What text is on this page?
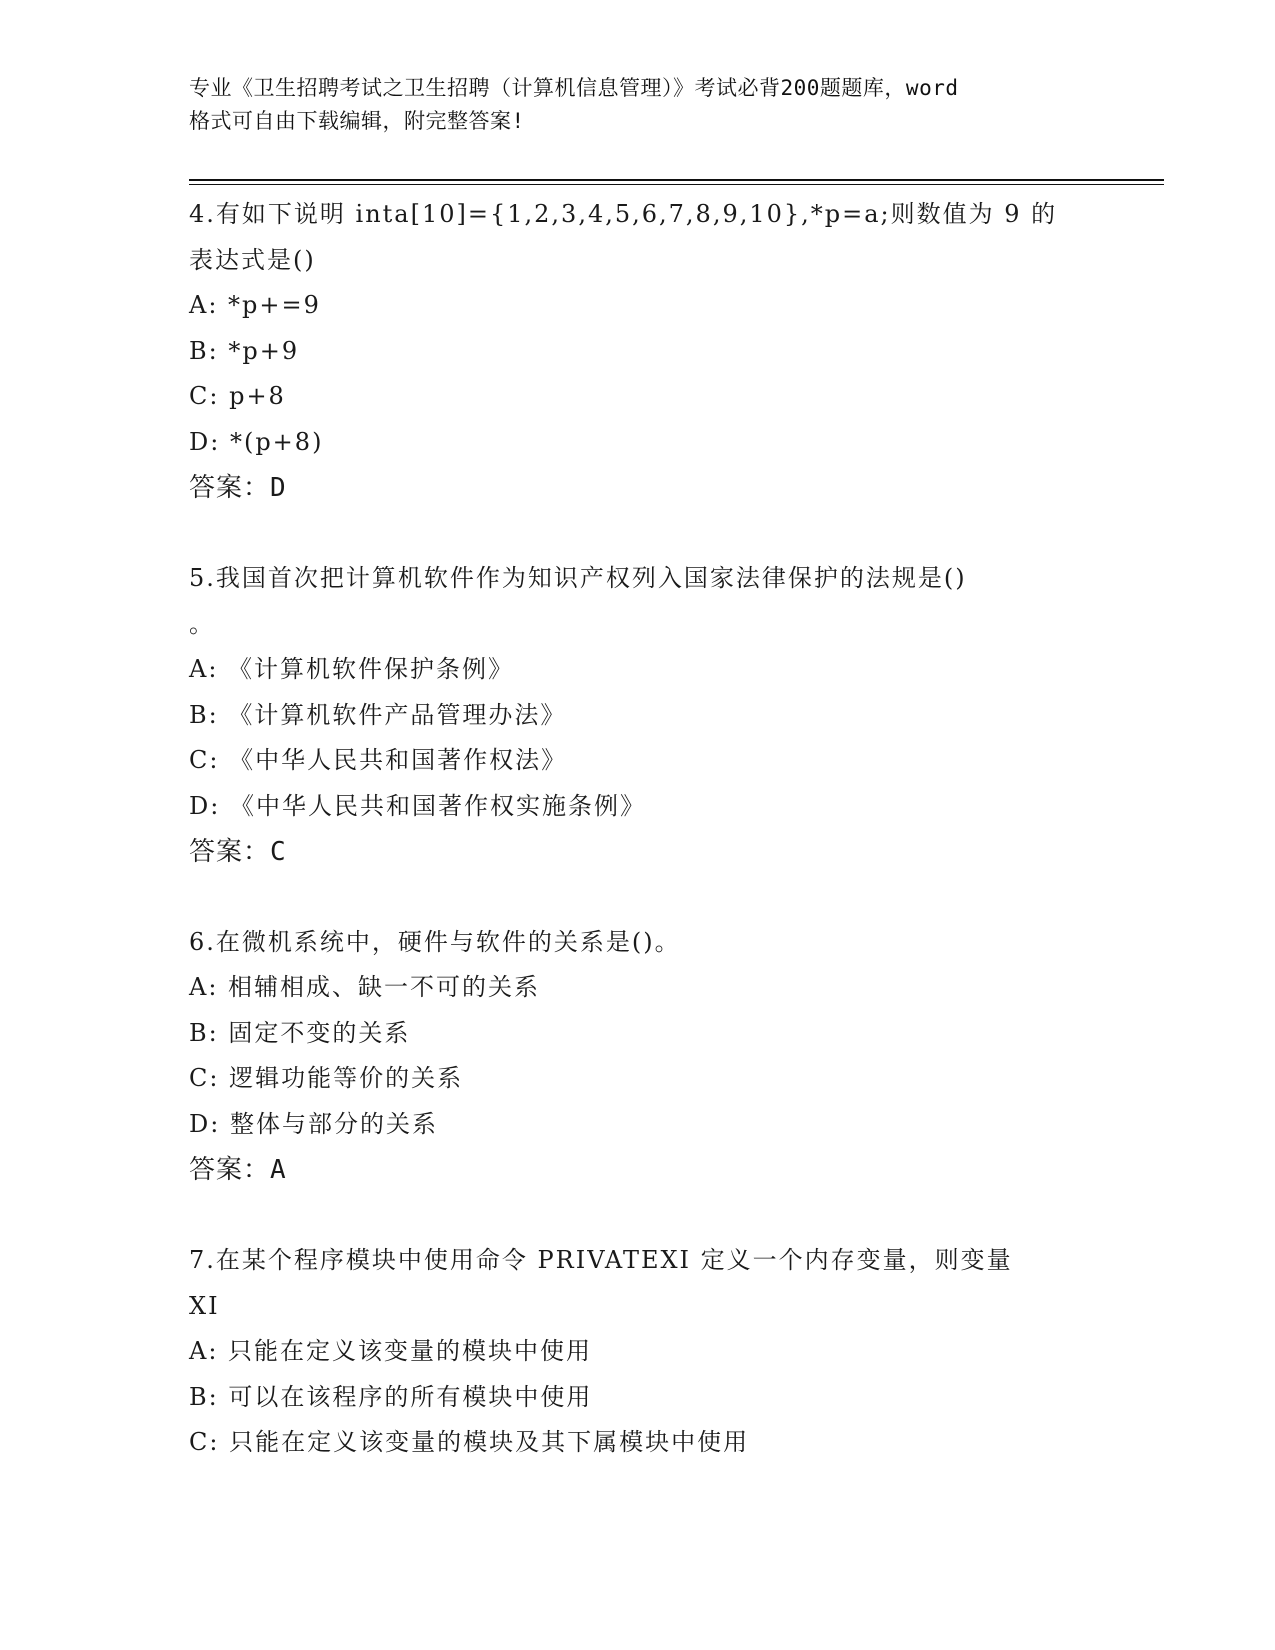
专业《卫生招聘考试之卫生招聘（计算机信息管理）》考试必背200题题库，word
格式可自由下载编辑，附完整答案!

4.有如下说明 inta[10]={1,2,3,4,5,6,7,8,9,10},*p=a;则数值为 9 的

表达式是()

A: *p+=9

B: *p+9

C: p+8

D: *(p+8)

答案：D

5.我国首次把计算机软件作为知识产权列入国家法律保护的法规是()

。

A: 《计算机软件保护条例》

B: 《计算机软件产品管理办法》

C: 《中华人民共和国著作权法》

D: 《中华人民共和国著作权实施条例》

答案：C

6.在微机系统中，硬件与软件的关系是()。

A: 相辅相成、缺一不可的关系

B: 固定不变的关系

C: 逻辑功能等价的关系

D: 整体与部分的关系

答案：A

7.在某个程序模块中使用命令 PRIVATEXI 定义一个内存变量，则变量

XI

A: 只能在定义该变量的模块中使用

B: 可以在该程序的所有模块中使用

C: 只能在定义该变量的模块及其下属模块中使用
